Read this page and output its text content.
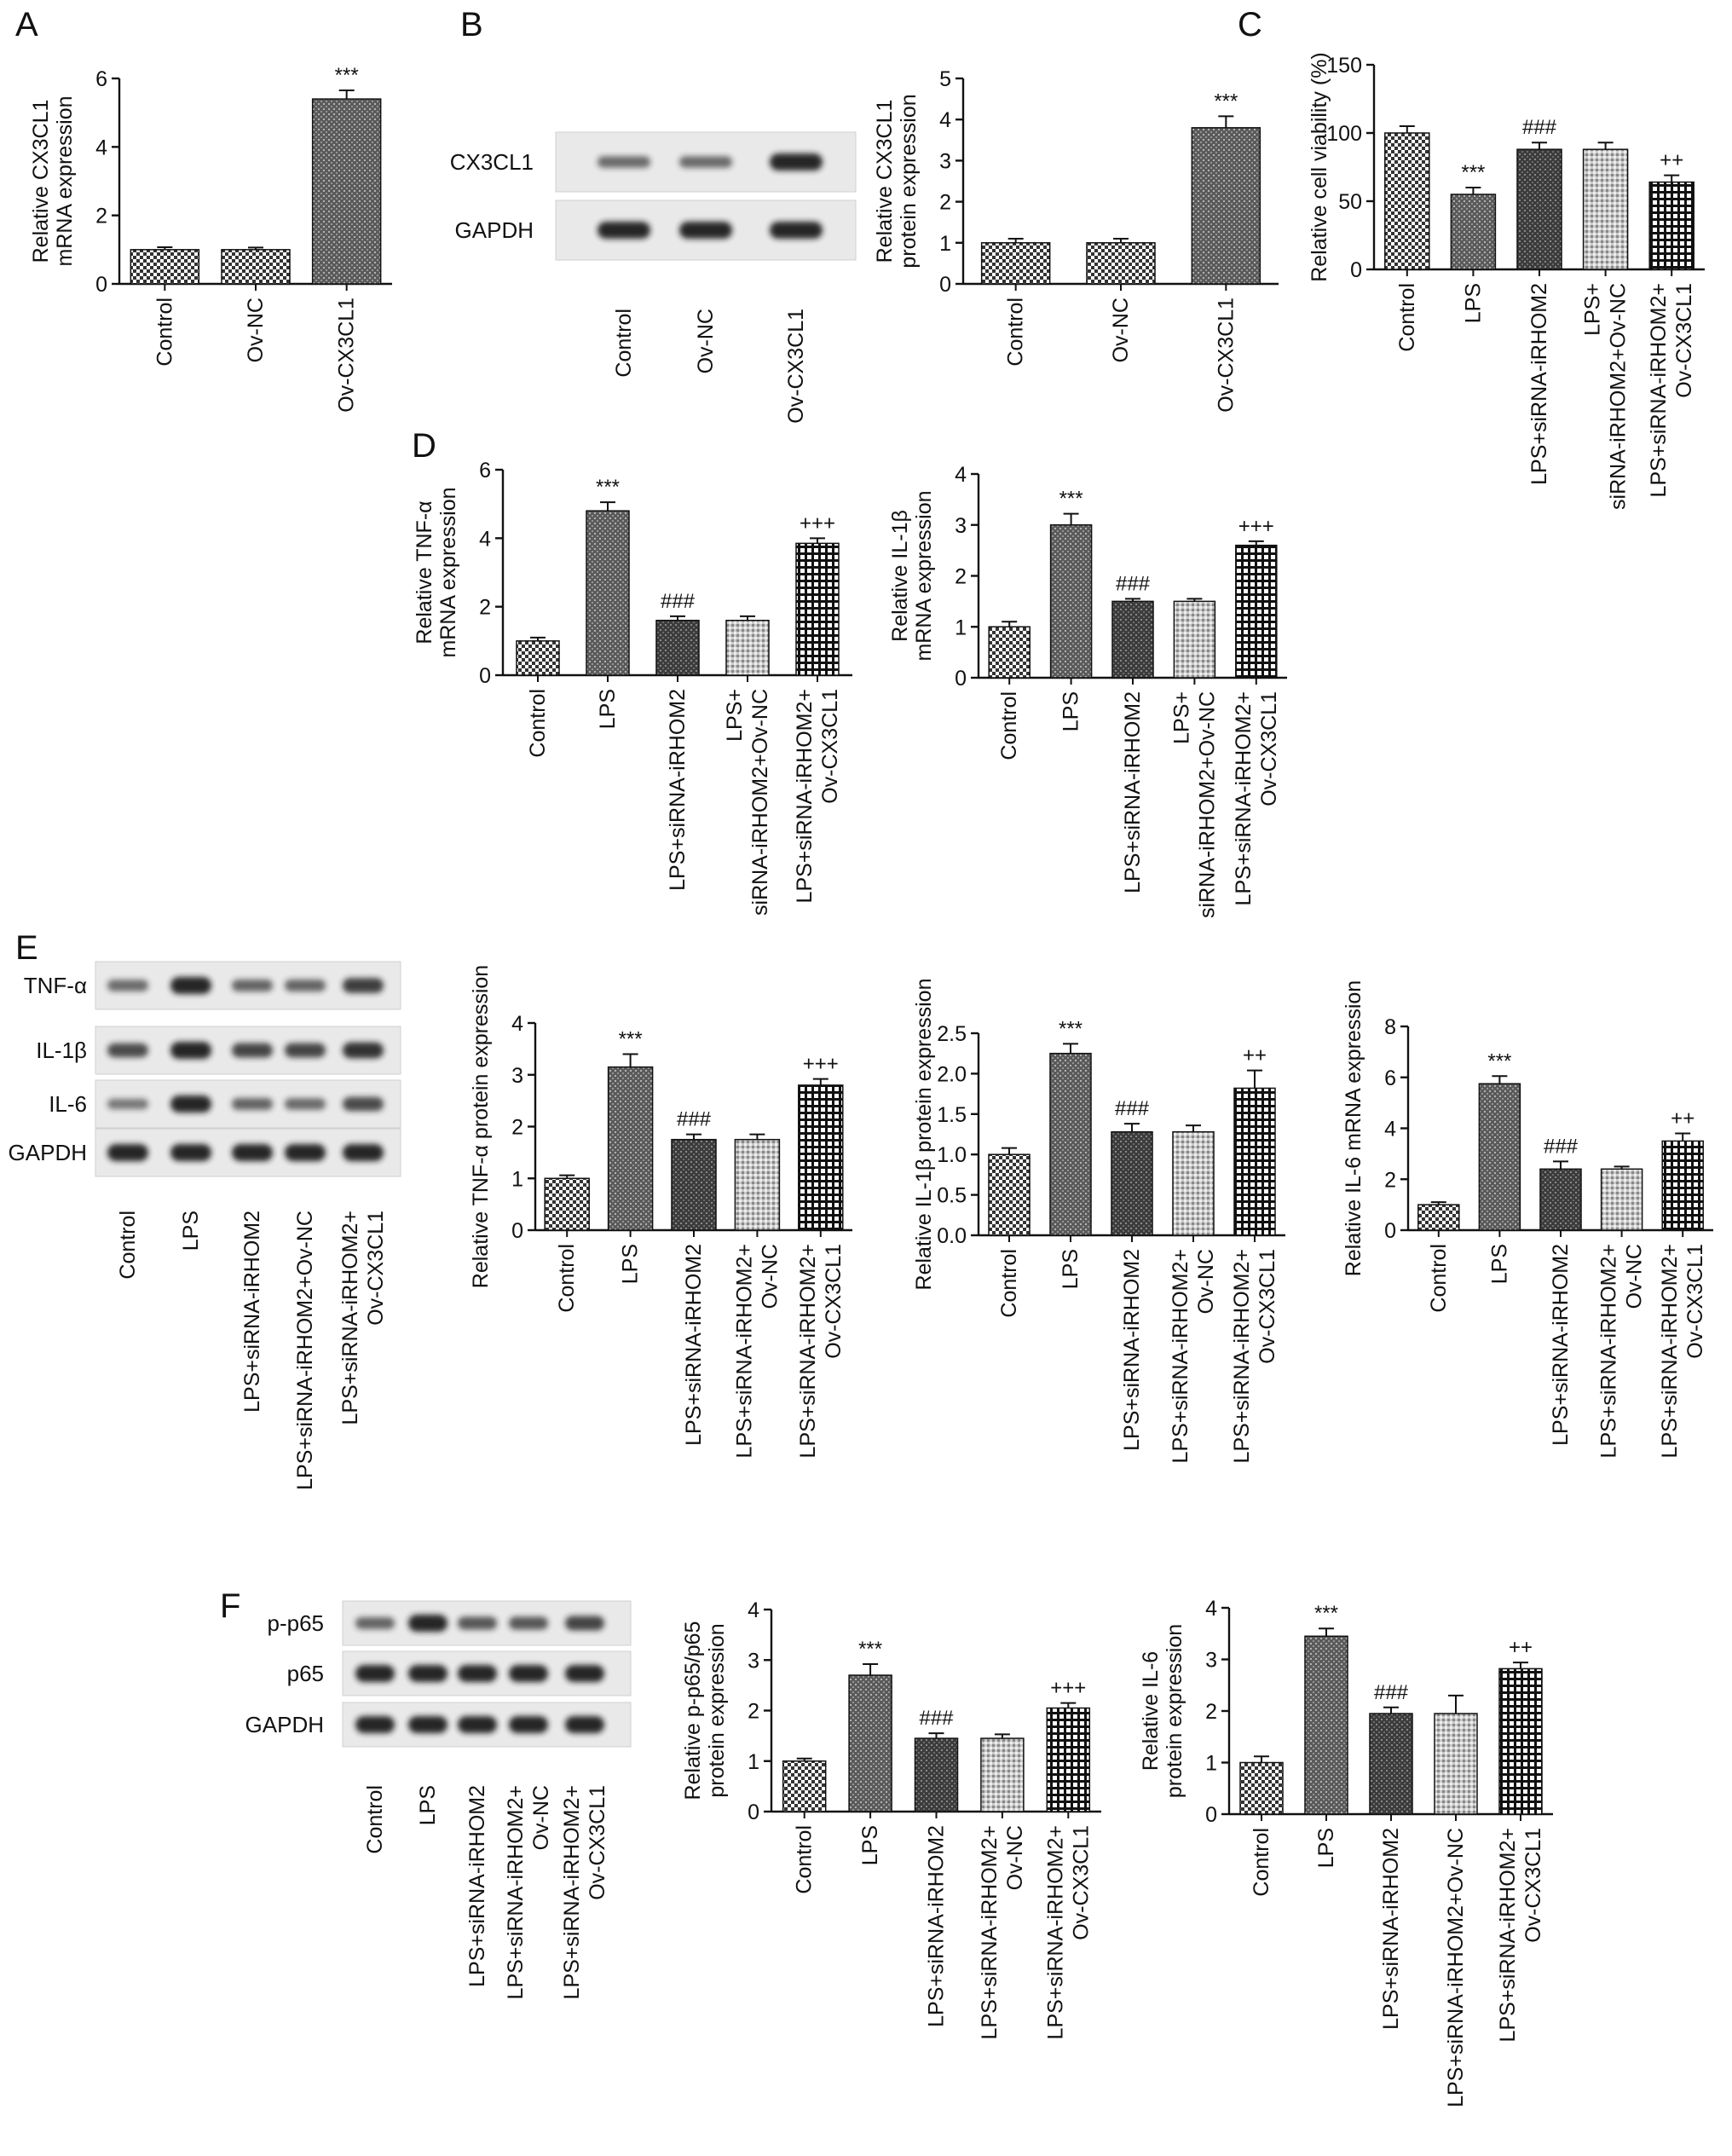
A	B	C
D
E
F
CX3CL1
GAPDH
Control	Ov-NC	Ov-CX3CL1
TNF-α
IL-1β
IL-6
GAPDH
Control LPS LPS+siRNA-iRHOM2 LPS+siRNA-iRHOM2+Ov-NC LPS+siRNA-iRHOM2+Ov-CX3CL1
p-p65
p65
GAPDH
Control LPS LPS+siRNA-iRHOM2 LPS+siRNA-iRHOM2+Ov-NC LPS+siRNA-iRHOM2+Ov-CX3CL1
0
2
4
6
Relative CX3CL1mRNA expression
Control	Ov-NC
***
Ov-CX3CL1
0
1
2
3
4
5
Relative CX3CL1protein expression
Control	Ov-NC
***
Ov-CX3CL1
0
50
100
150
Relative cell viability (%)
Control
***
LPS
###
LPS+siRNA-iRHOM2 LPS+siRNA-iRHOM2+Ov-NC
++
LPS+siRNA-iRHOM2+Ov-CX3CL1
0
2
4
6
Relative TNF-αmRNA expression
Control
***
LPS
###
LPS+siRNA-iRHOM2 LPS+siRNA-iRHOM2+Ov-NC
+++
LPS+siRNA-iRHOM2+Ov-CX3CL1
0
1
2
3
4
Relative IL-1βmRNA expression
Control
***
LPS
###
LPS+siRNA-iRHOM2 LPS+siRNA-iRHOM2+Ov-NC
+++
LPS+siRNA-iRHOM2+Ov-CX3CL1
0
1
2
3
4
Relative TNF-α protein expression	Control
***
LPS
###
LPS+siRNA-iRHOM2 LPS+siRNA-iRHOM2+Ov-NC
+++
LPS+siRNA-iRHOM2+Ov-CX3CL1
0.0
0.5
1.0
1.5
2.0
2.5
Relative IL-1β protein expression	Control
***
LPS
###
LPS+siRNA-iRHOM2 LPS+siRNA-iRHOM2+Ov-NC
++
LPS+siRNA-iRHOM2+Ov-CX3CL1
0
2
4
6
8
Relative IL-6 mRNA expression
Control
***
LPS
###
LPS+siRNA-iRHOM2 LPS+siRNA-iRHOM2+Ov-NC
++
LPS+siRNA-iRHOM2+Ov-CX3CL1
0
1
2
3
4
Relative p-p65/p65protein expression
Control
***
LPS
###
LPS+siRNA-iRHOM2 LPS+siRNA-iRHOM2+Ov-NC
+++
LPS+siRNA-iRHOM2+Ov-CX3CL1
0
1
2
3
4
Relative IL-6protein expression
Control
***
LPS
###
LPS+siRNA-iRHOM2 LPS+siRNA-iRHOM2+Ov-NC
++
LPS+siRNA-iRHOM2+Ov-CX3CL1
